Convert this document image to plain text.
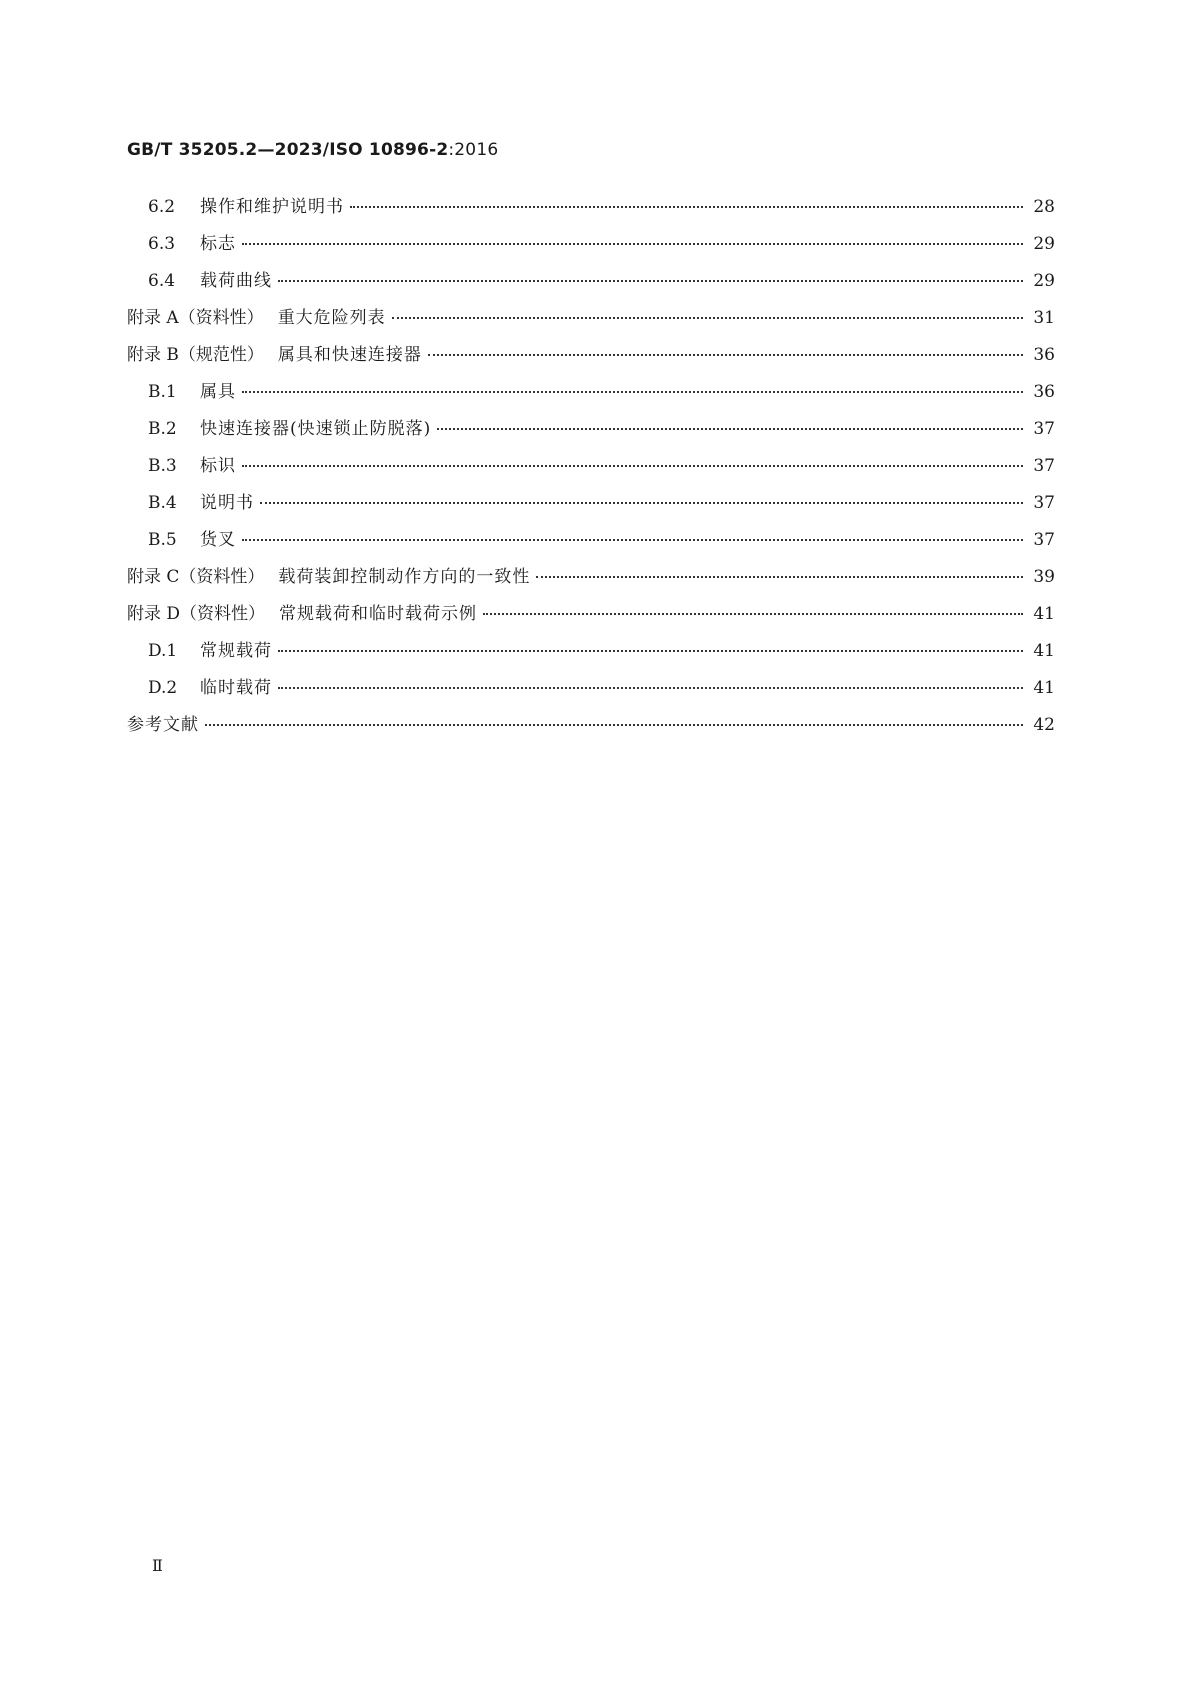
GB/T 35205.2—2023/ISO 10896-2:2016
6.2	操作和维护说明书	28
6.3	标志	29
6.4	载荷曲线	29
附录 A（资料性） 重大危险列表	31
附录 B（规范性） 属具和快速连接器	36
B.1	属具	36
B.2	快速连接器(快速锁止防脱落)	37
B.3	标识	37
B.4	说明书	37
B.5	货叉	37
附录 C（资料性） 载荷装卸控制动作方向的一致性	39
附录 D（资料性） 常规载荷和临时载荷示例	41
D.1	常规载荷	41
D.2	临时载荷	41
参考文献	42
Ⅱ
